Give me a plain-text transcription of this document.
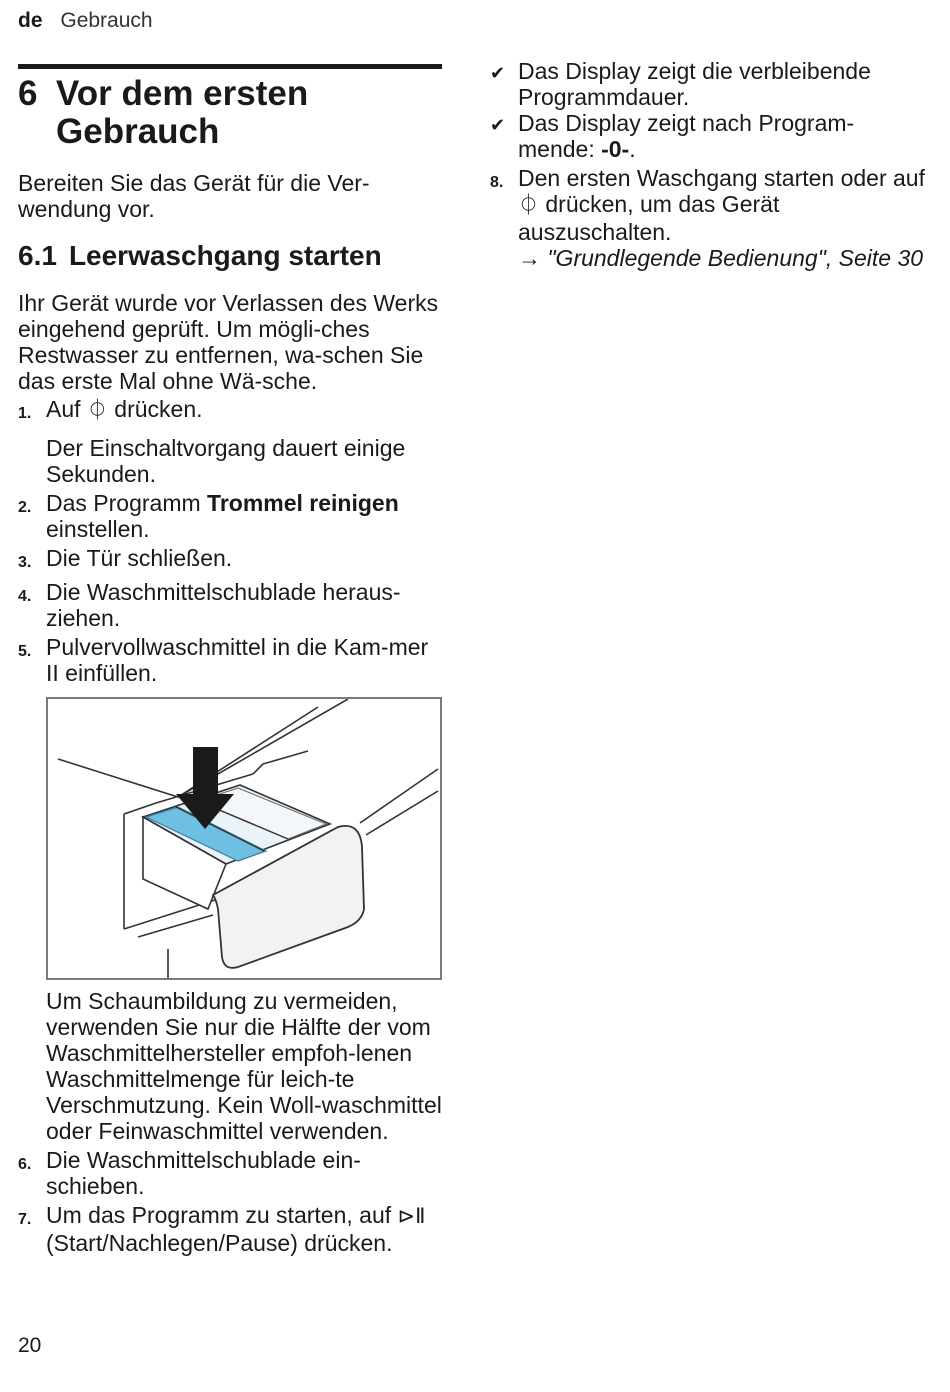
de Gebrauch
6 Vor dem ersten Gebrauch

Bereiten Sie das Gerät für die Ver-wendung vor.

6.1 Leerwaschgang starten

Ihr Gerät wurde vor Verlassen des Werks eingehend geprüft. Um mögli-ches Restwasser zu entfernen, wa-schen Sie das erste Mal ohne Wä-sche.

1. Auf ⏀ drücken.
Der Einschaltvorgang dauert einige Sekunden.
2. Das Programm Trommel reinigen einstellen.
3. Die Tür schließen.
4. Die Waschmittelschublade heraus-ziehen.
5. Pulvervollwaschmittel in die Kam-mer II einfüllen.
Um Schaumbildung zu vermeiden, verwenden Sie nur die Hälfte der vom Waschmittelhersteller empfoh-lenen Waschmittelmenge für leich-te Verschmutzung. Kein Woll-waschmittel oder Feinwaschmittel verwenden.
6. Die Waschmittelschublade ein-schieben.
7. Um das Programm zu starten, auf ⊳Ⅱ (Start/Nachlegen/Pause) drücken.
✔ Das Display zeigt die verbleibende Programmdauer.
✔ Das Display zeigt nach Program-mende: -0-.
8. Den ersten Waschgang starten oder auf ⏀ drücken, um das Gerät auszuschalten.
→ "Grundlegende Bedienung", Seite 30
20
